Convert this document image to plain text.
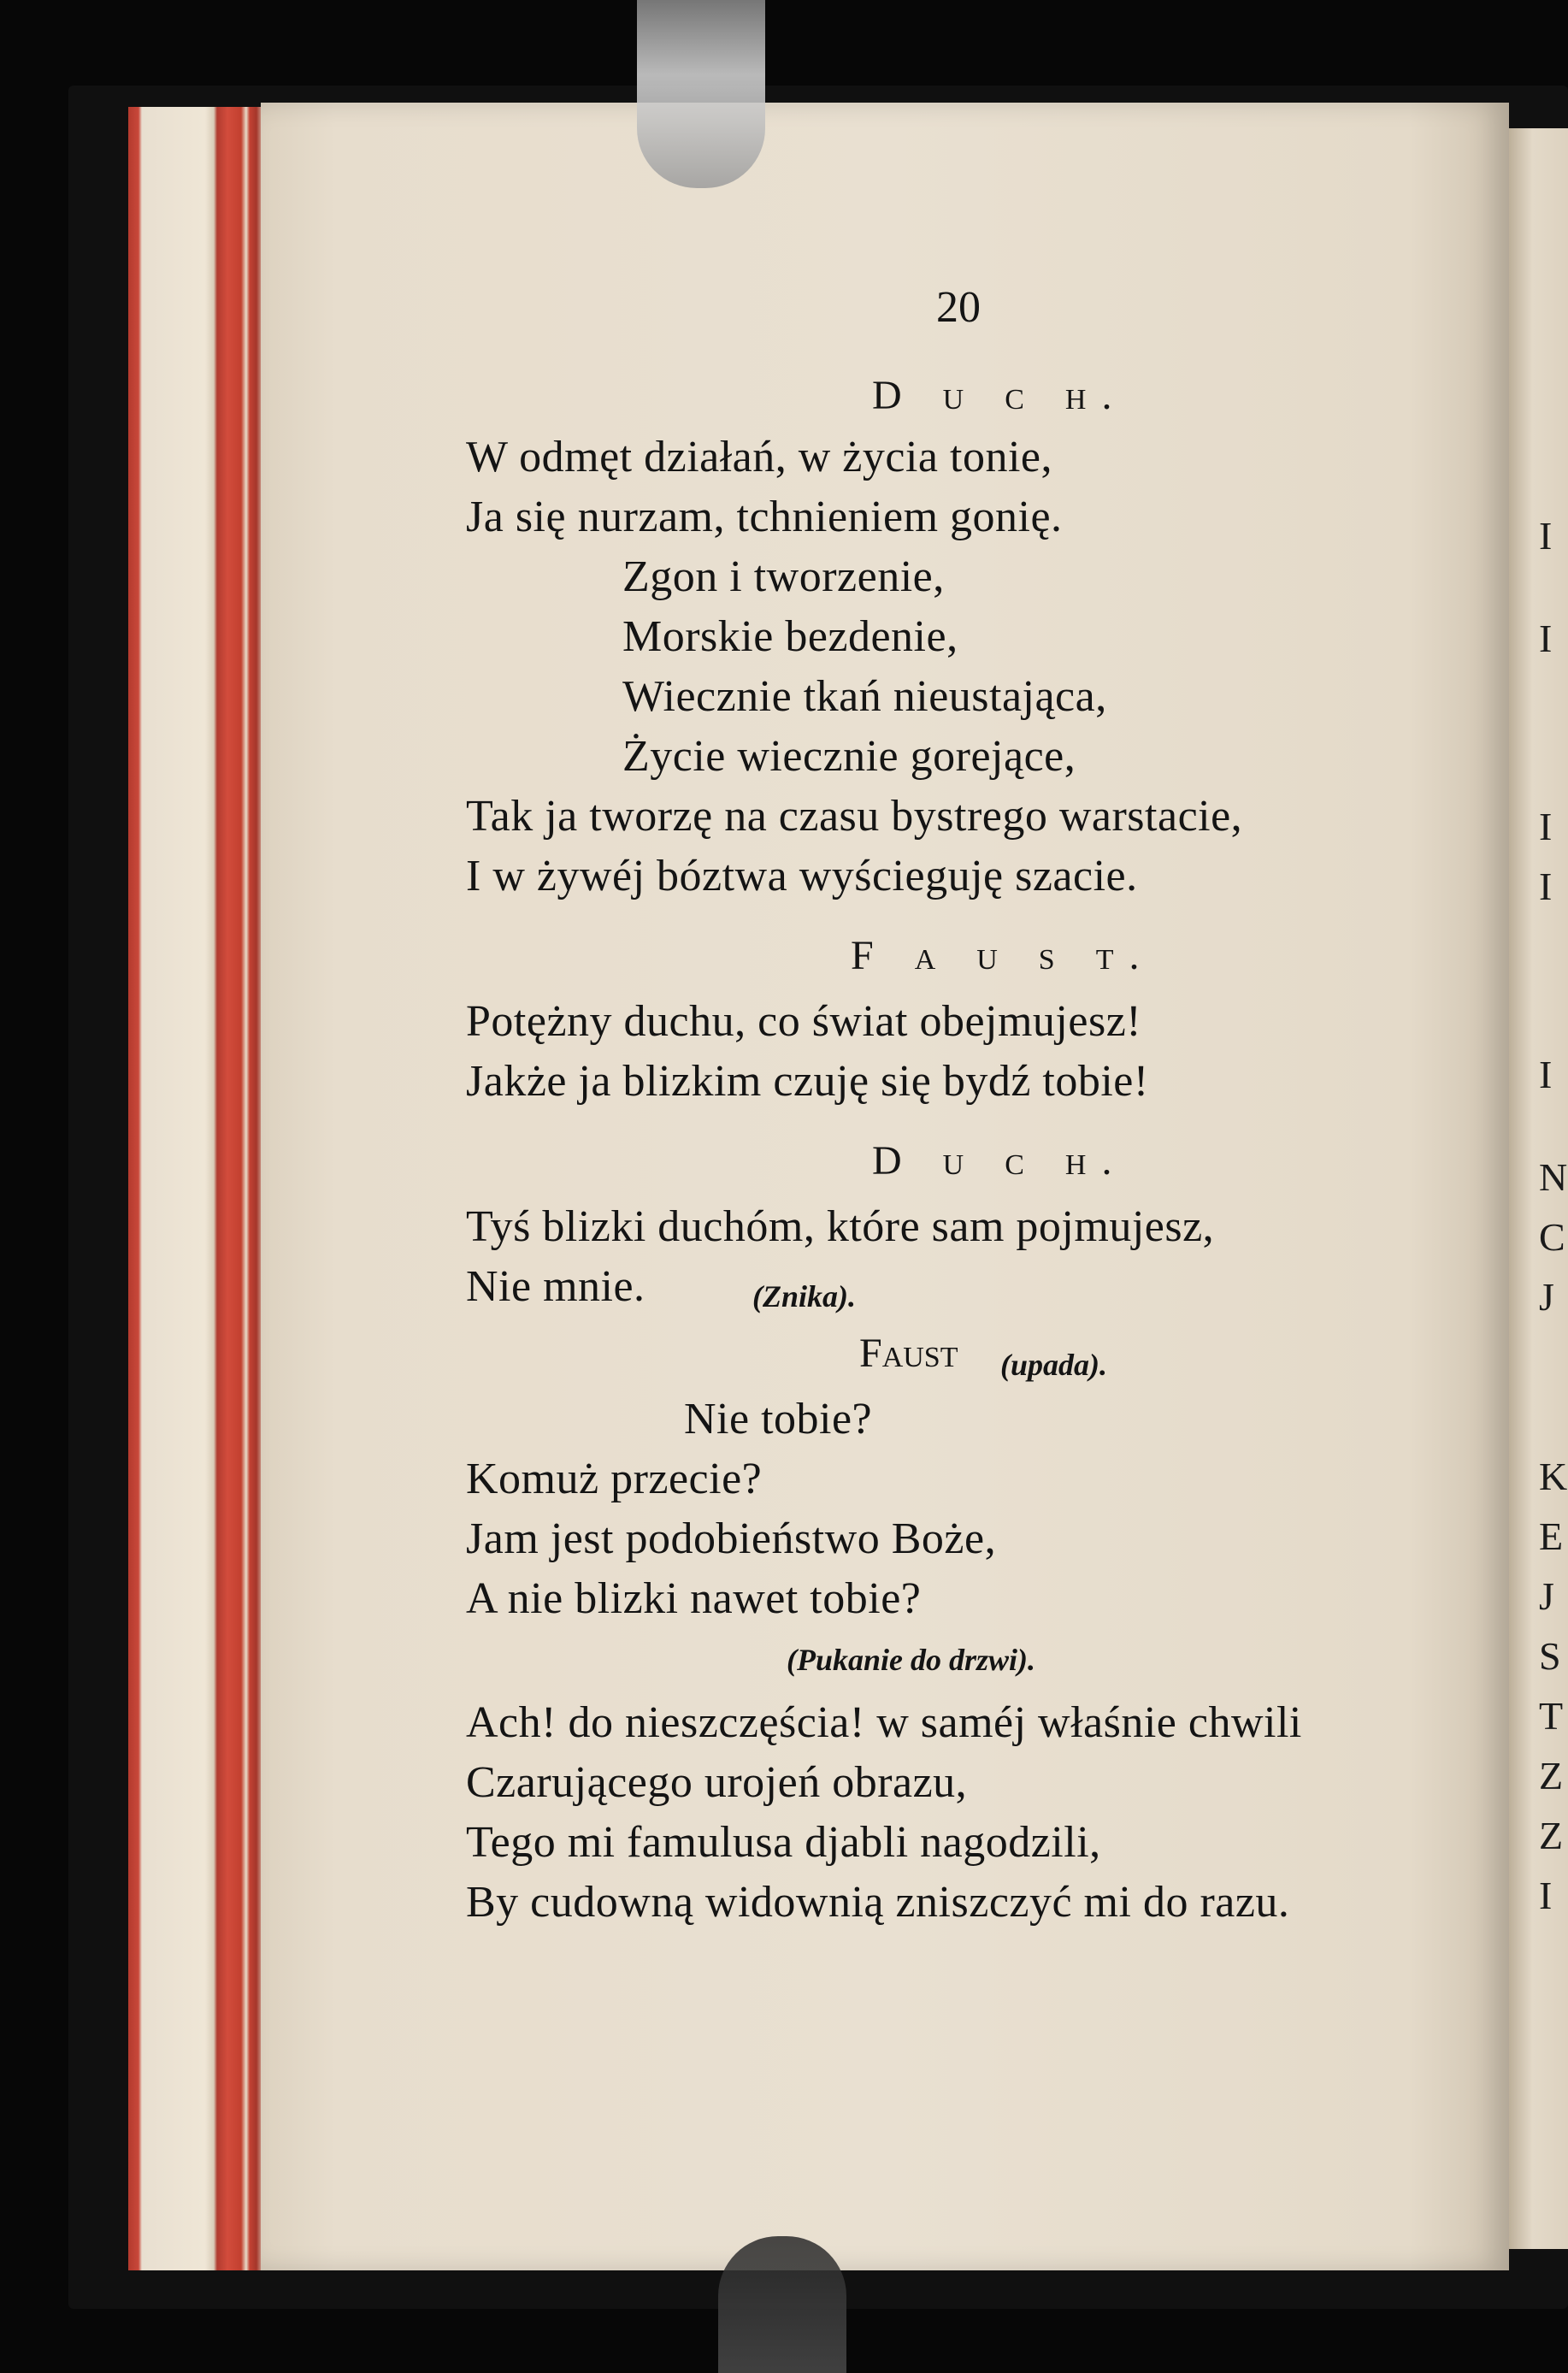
20
D u c h.
W odmęt działań, w życia tonie,
Ja się nurzam, tchnieniem gonię.
Zgon i tworzenie,
Morskie bezdenie,
Wiecznie tkań nieustająca,
Życie wiecznie gorejące,
Tak ja tworzę na czasu bystrego warstacie,
I w żywéj bóztwa wyścieguję szacie.
F a u s t.
Potężny duchu, co świat obejmujesz!
Jakże ja blizkim czuję się bydź tobie!
D u c h.
Tyś blizki duchóm, które sam pojmujesz,
Nie mnie.	(Znika).
Faust (upada).
Nie tobie?
Komuż przecie?
Jam jest podobieństwo Boże,
A nie blizki nawet tobie?
(Pukanie do drzwi).
Ach! do nieszczęścia! w saméj właśnie chwili
Czarującego urojeń obrazu,
Tego mi famulusa djabli nagodzili,
By cudowną widownią zniszczyć mi do razu.
I
I
I
I
I
N
C
J
K
E
J
S
T
Z
Z
I
